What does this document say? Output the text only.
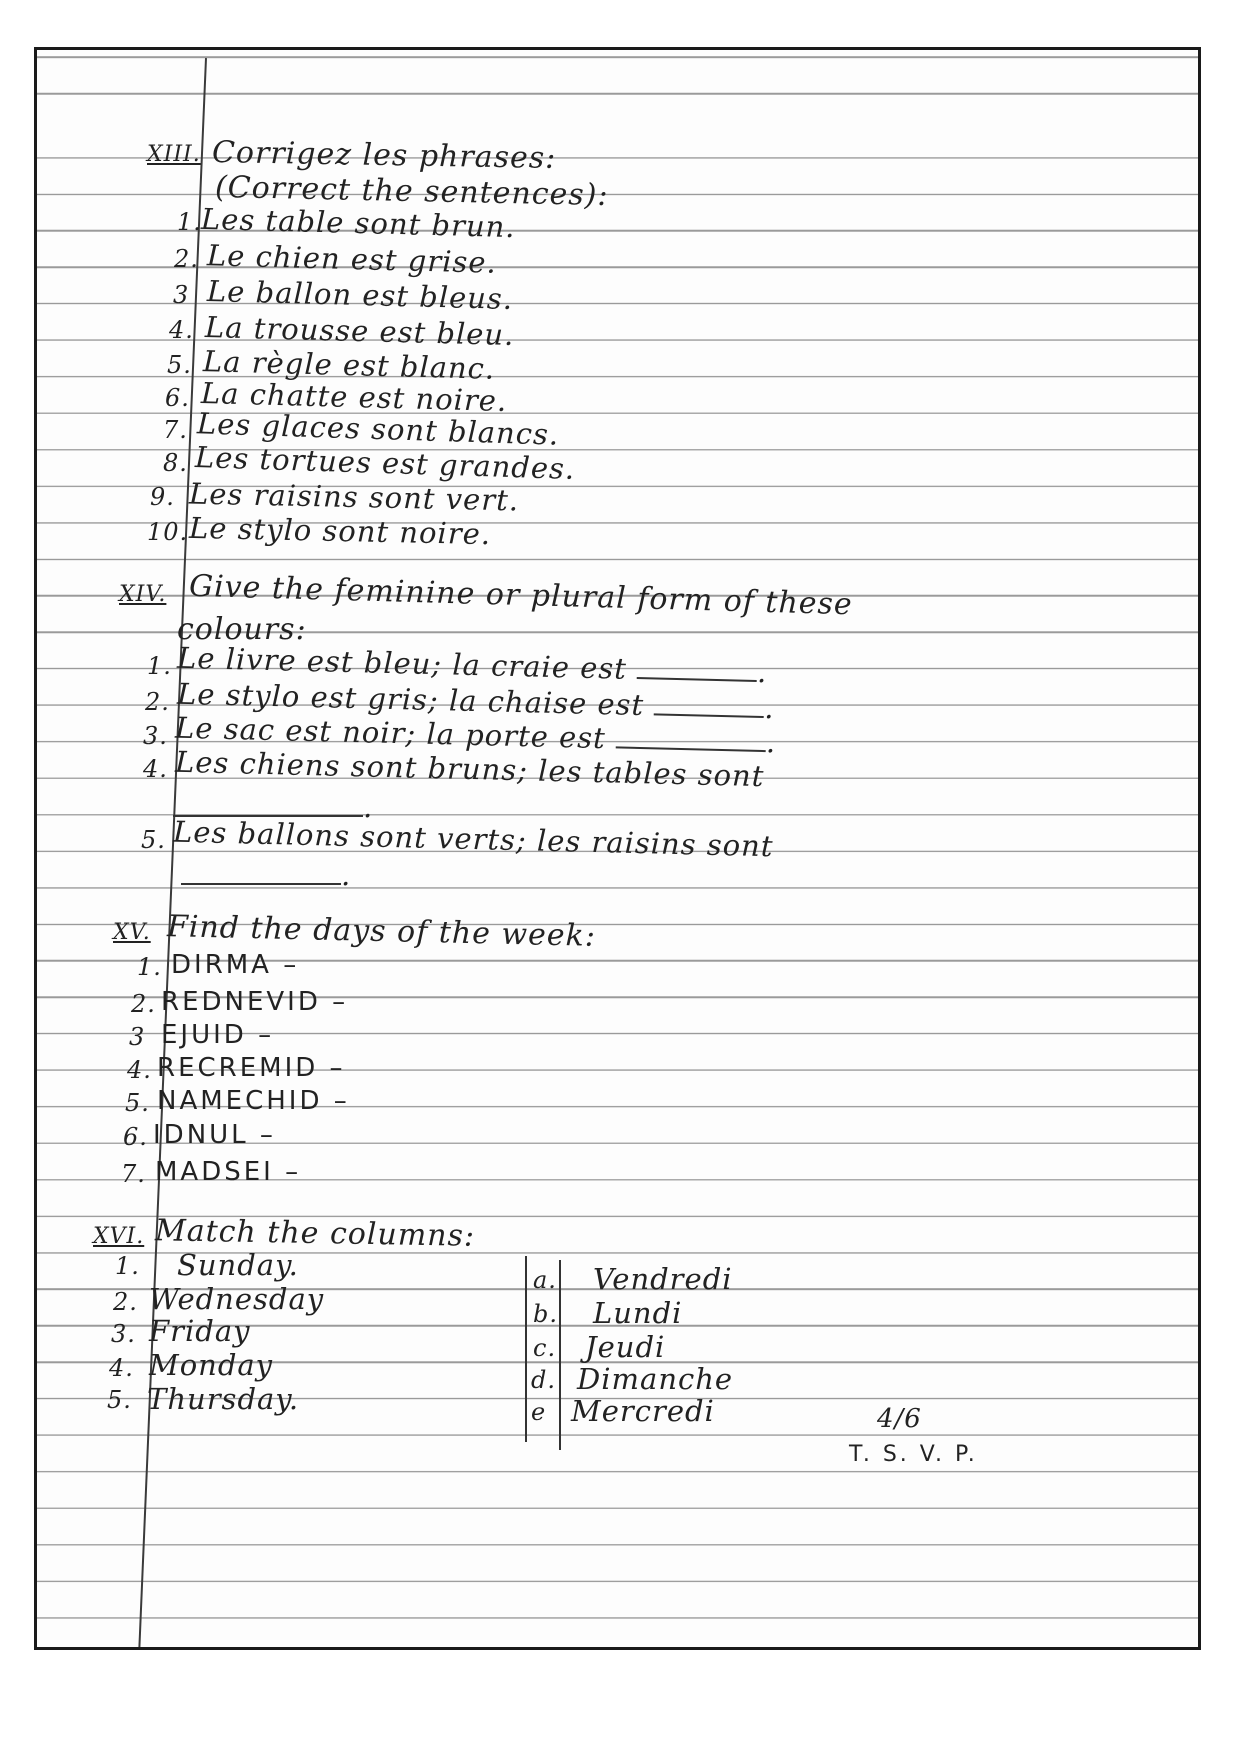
XIII. Corrigez les phrases:
(Correct the sentences):
1.
Les table sont brun.
2. Le chien est grise.
3 Le ballon est bleus.
4. La trousse est bleu.
5. La règle est blanc.
6. La chatte est noire.
7. Les glaces sont blancs.
8. Les tortues est grandes.
9. Les raisins sont vert.
10. Le stylo sont noire.
XIV. Give the feminine or plural form of these
colours:
1. Le livre est bleu; la craie est	.
2. Le stylo est gris; la chaise est	.
3. Le sac est noir; la porte est	.
4. Les chiens sont bruns; les tables sont
.
5. Les ballons sont verts; les raisins sont
.
XV. Find the days of the week:
1. DIRMA –
2. REDNEVID –
3 EJUID –
4. RECREMID –
5. NAMECHID –
6. IDNUL –
7. MADSEI –
XVI. Match the columns:
1. Sunday.
2. Wednesday
3. Friday
4. Monday
5. Thursday.
a. Vendredi
b. Lundi
c. Jeudi
d. Dimanche
e Mercredi	4/6
T. S. V. P.
